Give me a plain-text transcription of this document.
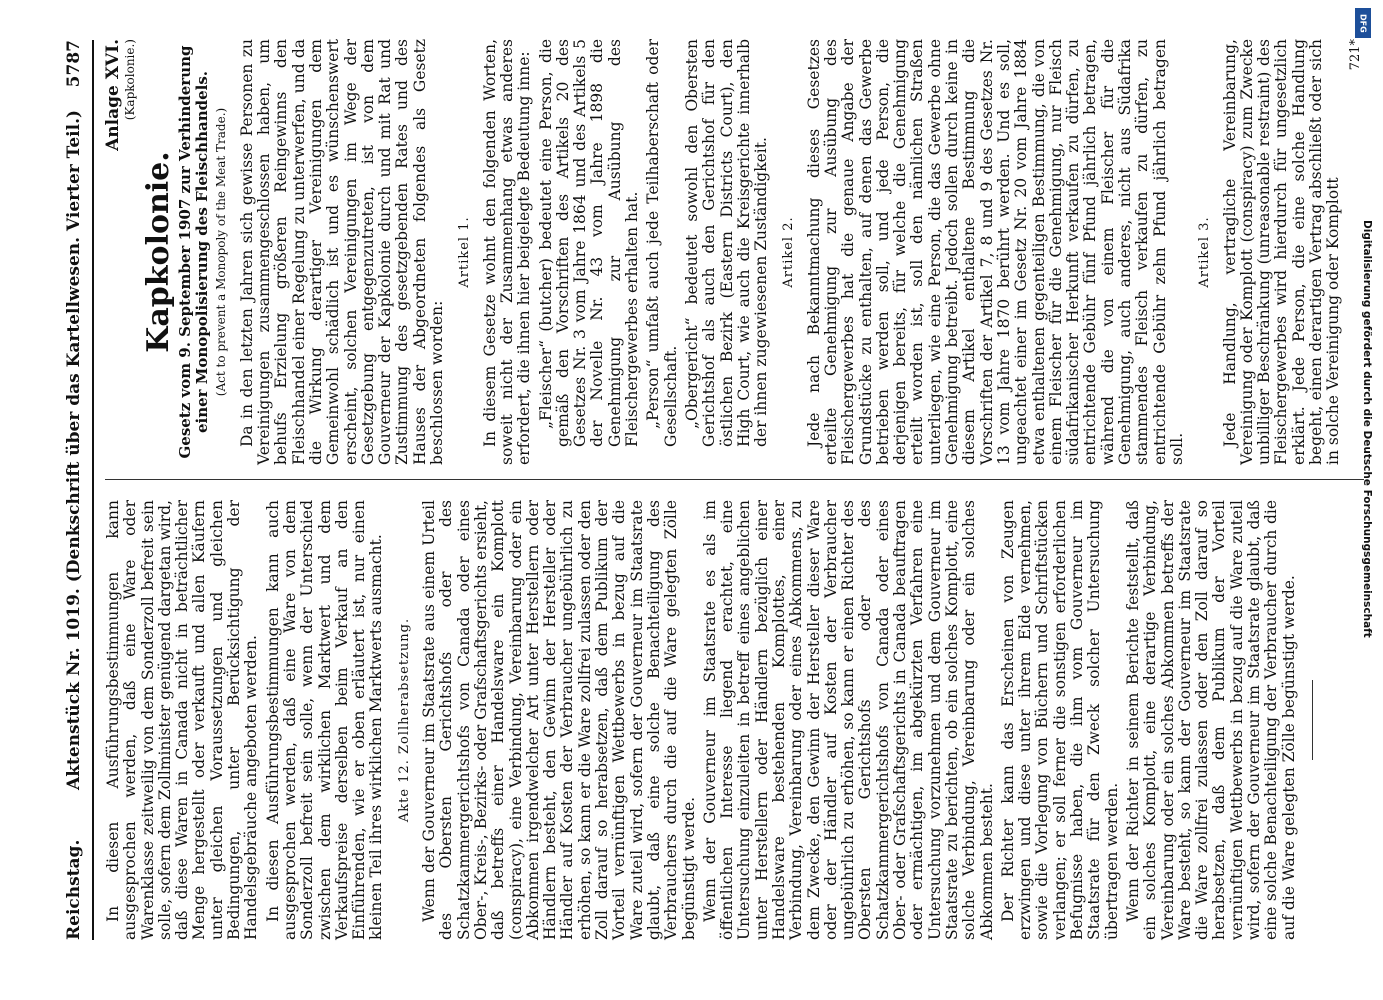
Reichstag.
Aktenstück Nr. 1019. (Denkschrift über das Kartellwesen. Vierter Teil.)
5787

In diesen Ausführungsbestimmungen kann ausgesprochen werden, daß eine Ware oder Warenklasse zeitweilig von dem Sonderzoll befreit sein solle, sofern dem Zollminister genügend dargetan wird, daß diese Waren in Canada nicht in beträchtlicher Menge hergestellt oder verkauft und allen Käufern unter gleichen Voraussetzungen und gleichen Bedingungen, unter Berücksichtigung der Handelsgebräuche angeboten werden. In diesen Ausführungsbestimmungen kann auch ausgesprochen werden, daß eine Ware von dem Sonderzoll befreit sein solle, wenn der Unterschied zwischen dem wirklichen Marktwert und dem Verkaufspreise derselben beim Verkauf an den Einführenden, wie er oben erläutert ist, nur einen kleinen Teil ihres wirklichen Marktwerts ausmacht. Akte 12. Zollherabsetzung. Wenn der Gouverneur im Staatsrate aus einem Urteil des Obersten Gerichtshofs oder des Schatzkammergerichtshofs von Canada oder eines Ober-, Kreis-, Bezirks- oder Grafschaftsgerichts ersieht, daß betreffs einer Handelsware ein Komplott (conspiracy), eine Verbindung, Vereinbarung oder ein Abkommen irgendwelcher Art unter Herstellern oder Händlern besteht, den Gewinn der Hersteller oder Händler auf Kosten der Verbraucher ungebührlich zu erhöhen, so kann er die Ware zollfrei zulassen oder den Zoll darauf so herabsetzen, daß dem Publikum der Vorteil vernünftigen Wettbewerbs in bezug auf die Ware zuteil wird, sofern der Gouverneur im Staatsrate glaubt, daß eine solche Benachteiligung des Verbrauchers durch die auf die Ware gelegten Zölle begünstigt werde. Wenn der Gouverneur im Staatsrate es als im öffentlichen Interesse liegend erachtet, eine Untersuchung einzuleiten in betreff eines angeblichen unter Herstellern oder Händlern bezüglich einer Handelsware bestehenden Komplottes, einer Verbindung, Vereinbarung oder eines Abkommens, zu dem Zwecke, den Gewinn der Hersteller dieser Ware oder der Händler auf Kosten der Verbraucher ungebührlich zu erhöhen, so kann er einen Richter des Obersten Gerichtshofs oder des Schatzkammergerichtshofs von Canada oder eines Ober- oder Grafschaftsgerichts in Canada beauftragen oder ermächtigen, im abgekürzten Verfahren eine Untersuchung vorzunehmen und dem Gouverneur im Staatsrate zu berichten, ob ein solches Komplott, eine solche Verbindung, Vereinbarung oder ein solches Abkommen besteht. Der Richter kann das Erscheinen von Zeugen erzwingen und diese unter ihrem Eide vernehmen, sowie die Vorlegung von Büchern und Schriftstücken verlangen; er soll ferner die sonstigen erforderlichen Befugnisse haben, die ihm vom Gouverneur im Staatsrate für den Zweck solcher Untersuchung übertragen werden. Wenn der Richter in seinem Berichte feststellt, daß ein solches Komplott, eine derartige Verbindung, Vereinbarung oder ein solches Abkommen betreffs der Ware besteht, so kann der Gouverneur im Staatsrate die Ware zollfrei zulassen oder den Zoll darauf so herabsetzen, daß dem Publikum der Vorteil vernünftigen Wettbewerbs in bezug auf die Ware zuteil wird, sofern der Gouverneur im Staatsrate glaubt, daß eine solche Benachteiligung der Verbraucher durch die auf die Ware gelegten Zölle begünstigt werde.

Anlage XVI. (Kapkolonie.)
Kapkolonie. Gesetz vom 9. September 1907 zur Verhinderung einer Monopolisierung des Fleischhandels. (Act to prevent a Monopoly of the Meat Trade.) Da in den letzten Jahren sich gewisse Personen zu Vereinigungen zusammengeschlossen haben, um behufs Erzielung größeren Reingewinns den Fleischhandel einer Regelung zu unterwerfen, und da die Wirkung derartiger Vereinigungen dem Gemeinwohl schädlich ist und es wünschenswert erscheint, solchen Vereinigungen im Wege der Gesetzgebung entgegenzutreten, ist von dem Gouverneur der Kapkolonie durch und mit Rat und Zustimmung des gesetzgebenden Rates und des Hauses der Abgeordneten folgendes als Gesetz beschlossen worden:

Artikel 1. In diesem Gesetze wohnt den folgenden Worten, soweit nicht der Zusammenhang etwas anderes erfordert, die ihnen hier beigelegte Bedeutung inne: „Fleischer“ (butcher) bedeutet eine Person, die gemäß den Vorschriften des Artikels 20 des Gesetzes Nr. 3 vom Jahre 1864 und des Artikels 5 der Novelle Nr. 43 vom Jahre 1898 die Genehmigung zur Ausübung des Fleischergewerbes erhalten hat. „Person“ umfaßt auch jede Teilhaberschaft oder Gesellschaft. „Obergericht“ bedeutet sowohl den Obersten Gerichtshof als auch den Gerichtshof für den östlichen Bezirk (Eastern Districts Court), den High Court, wie auch die Kreisgerichte innerhalb der ihnen zugewiesenen Zuständigkeit. Artikel 2. Jede nach Bekanntmachung dieses Gesetzes erteilte Genehmigung zur Ausübung des Fleischergewerbes hat die genaue Angabe der Grundstücke zu enthalten, auf denen das Gewerbe betrieben werden soll, und jede Person, die derjenigen bereits, für welche die Genehmigung erteilt worden ist, soll den nämlichen Straßen unterliegen, wie eine Person, die das Gewerbe ohne Genehmigung betreibt. Jedoch sollen durch keine in diesem Artikel enthaltene Bestimmung die Vorschriften der Artikel 7, 8 und 9 des Gesetzes Nr. 13 vom Jahre 1870 berührt werden. Und es soll, ungeachtet einer im Gesetz Nr. 20 vom Jahre 1884 etwa enthaltenen gegenteiligen Bestimmung, die von einem Fleischer für die Genehmigung, nur Fleisch südafrikanischer Herkunft verkaufen zu dürfen, zu entrichtende Gebühr fünf Pfund jährlich betragen, während die von einem Fleischer für die Genehmigung, auch anderes, nicht aus Südafrika stammendes Fleisch verkaufen zu dürfen, zu entrichtende Gebühr zehn Pfund jährlich betragen soll.

Artikel 3. Jede Handlung, vertragliche Vereinbarung, Vereinigung oder Komplott (conspiracy) zum Zwecke unbilliger Beschränkung (unreasonable restraint) des Fleischergewerbes wird hierdurch für ungesetzlich erklärt. Jede Person, die eine solche Handlung begeht, einen derartigen Vertrag abschließt oder sich in solche Vereinigung oder Komplott

721*
DFG
Digitalisierung gefördert durch die Deutsche Forschungsgemeinschaft
